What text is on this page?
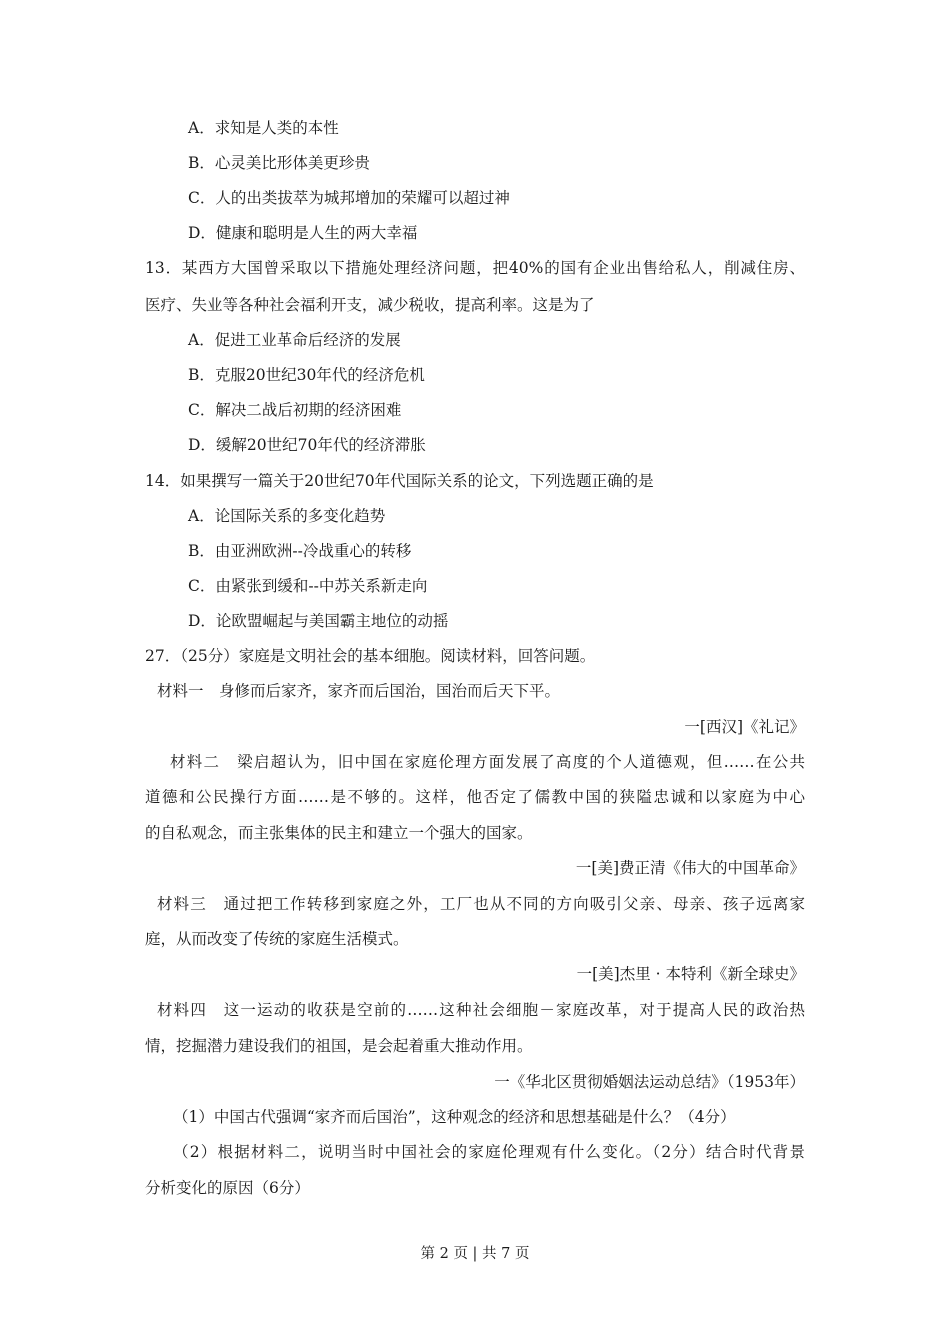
A．求知是人类的本性
B．心灵美比形体美更珍贵
C．人的出类拔萃为城邦增加的荣耀可以超过神
D．健康和聪明是人生的两大幸福
13．某西方大国曾采取以下措施处理经济问题，把40%的国有企业出售给私人，削减住房、
医疗、失业等各种社会福利开支，减少税收，提高利率。这是为了
A．促进工业革命后经济的发展
B．克服20世纪30年代的经济危机
C．解决二战后初期的经济困难
D．缓解20世纪70年代的经济滞胀
14．如果撰写一篇关于20世纪70年代国际关系的论文，下列选题正确的是
A．论国际关系的多变化趋势
B．由亚洲欧洲--冷战重心的转移
C．由紧张到缓和--中苏关系新走向
D．论欧盟崛起与美国霸主地位的动摇
27．（25分）家庭是文明社会的基本细胞。阅读材料，回答问题。
材料一　身修而后家齐，家齐而后国治，国治而后天下平。
一[西汉]《礼记》
材料二　梁启超认为，旧中国在家庭伦理方面发展了高度的个人道德观，但……在公共
道德和公民操行方面……是不够的。这样，他否定了儒教中国的狭隘忠诚和以家庭为中心
的自私观念，而主张集体的民主和建立一个强大的国家。
一[美]费正清《伟大的中国革命》
材料三　通过把工作转移到家庭之外，工厂也从不同的方向吸引父亲、母亲、孩子远离家
庭，从而改变了传统的家庭生活模式。
一[美]杰里 · 本特利《新全球史》
材料四　这一运动的收获是空前的……这种社会细胞－家庭改革，对于提高人民的政治热
情，挖掘潜力建设我们的祖国，是会起着重大推动作用。
一《华北区贯彻婚姻法运动总结》（1953年）
（1）中国古代强调“家齐而后国治”，这种观念的经济和思想基础是什么？（4分）
（2）根据材料二，说明当时中国社会的家庭伦理观有什么变化。（2分）结合时代背景
分析变化的原因（6分）
第 2 页 | 共 7 页
